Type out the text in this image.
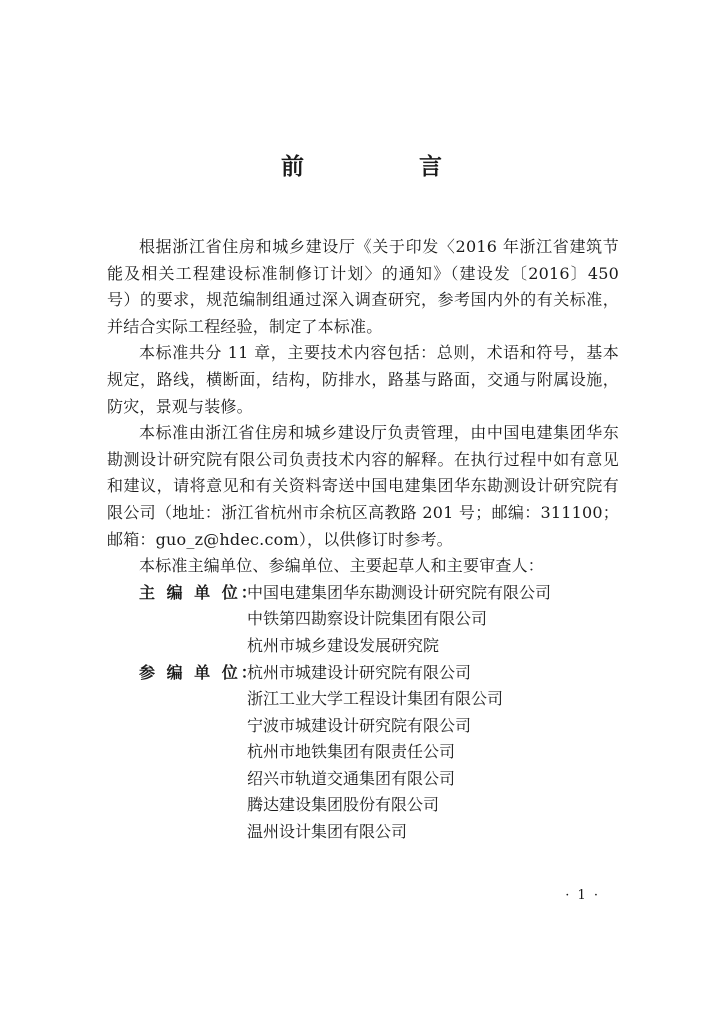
前　言

根据浙江省住房和城乡建设厅《关于印发〈2016 年浙江省建筑节能及相关工程建设标准制修订计划〉的通知》（建设发〔2016〕450 号）的要求，规范编制组通过深入调查研究，参考国内外的有关标准，并结合实际工程经验，制定了本标准。

本标准共分 11 章，主要技术内容包括：总则，术语和符号，基本规定，路线，横断面，结构，防排水，路基与路面，交通与附属设施，防灾，景观与装修。

本标准由浙江省住房和城乡建设厅负责管理，由中国电建集团华东勘测设计研究院有限公司负责技术内容的解释。在执行过程中如有意见和建议，请将意见和有关资料寄送中国电建集团华东勘测设计研究院有限公司（地址：浙江省杭州市余杭区高教路 201 号；邮编：311100；邮箱：guo_z@hdec.com），以供修订时参考。

本标准主编单位、参编单位、主要起草人和主要审查人：

主 编 单 位：
中国电建集团华东勘测设计研究院有限公司
中铁第四勘察设计院集团有限公司
杭州市城乡建设发展研究院
参 编 单 位：
杭州市城建设计研究院有限公司
浙江工业大学工程设计集团有限公司
宁波市城建设计研究院有限公司
杭州市地铁集团有限责任公司
绍兴市轨道交通集团有限公司
腾达建设集团股份有限公司
温州设计集团有限公司
· 1 ·
